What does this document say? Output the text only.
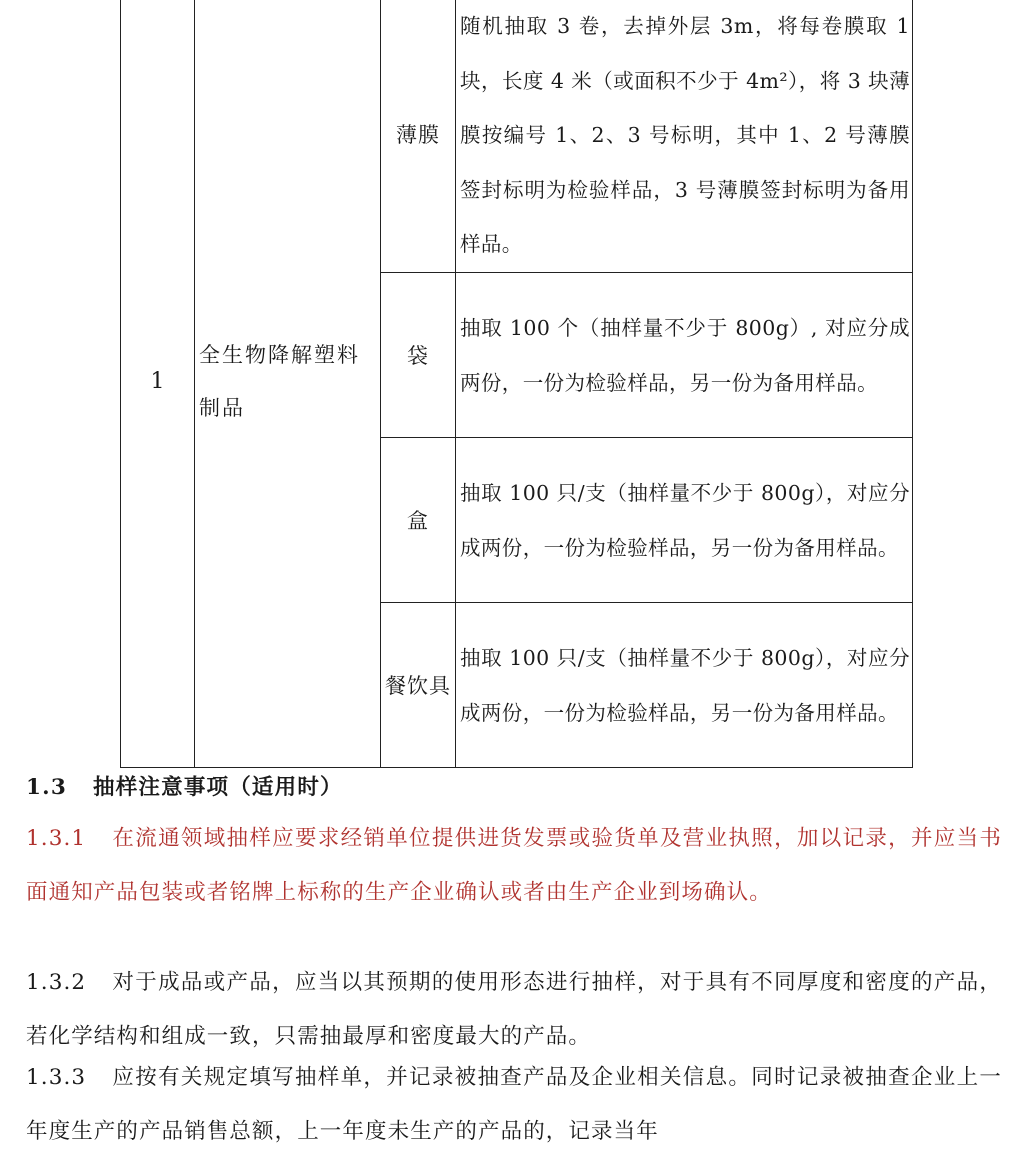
1	全生物降解塑料制品	薄膜	随机抽取 3 卷，去掉外层 3m，将每卷膜取 1 块，长度 4 米（或面积不少于 4m²），将 3 块薄膜按编号 1、2、3 号标明，其中 1、2 号薄膜签封标明为检验样品，3 号薄膜签封标明为备用样品。
		袋	抽取 100 个（抽样量不少于 800g）, 对应分成两份，一份为检验样品，另一份为备用样品。
		盒	抽取 100 只/支（抽样量不少于 800g），对应分成两份，一份为检验样品，另一份为备用样品。
		餐饮具	抽取 100 只/支（抽样量不少于 800g），对应分成两份，一份为检验样品，另一份为备用样品。

1.3 抽样注意事项（适用时）

1.3.1 在流通领域抽样应要求经销单位提供进货发票或验货单及营业执照，加以记录，并应当书面通知产品包装或者铭牌上标称的生产企业确认或者由生产企业到场确认。

1.3.2 对于成品或产品，应当以其预期的使用形态进行抽样，对于具有不同厚度和密度的产品，若化学结构和组成一致，只需抽最厚和密度最大的产品。

1.3.3 应按有关规定填写抽样单，并记录被抽查产品及企业相关信息。同时记录被抽查企业上一年度生产的产品销售总额，上一年度未生产的产品的，记录当年
